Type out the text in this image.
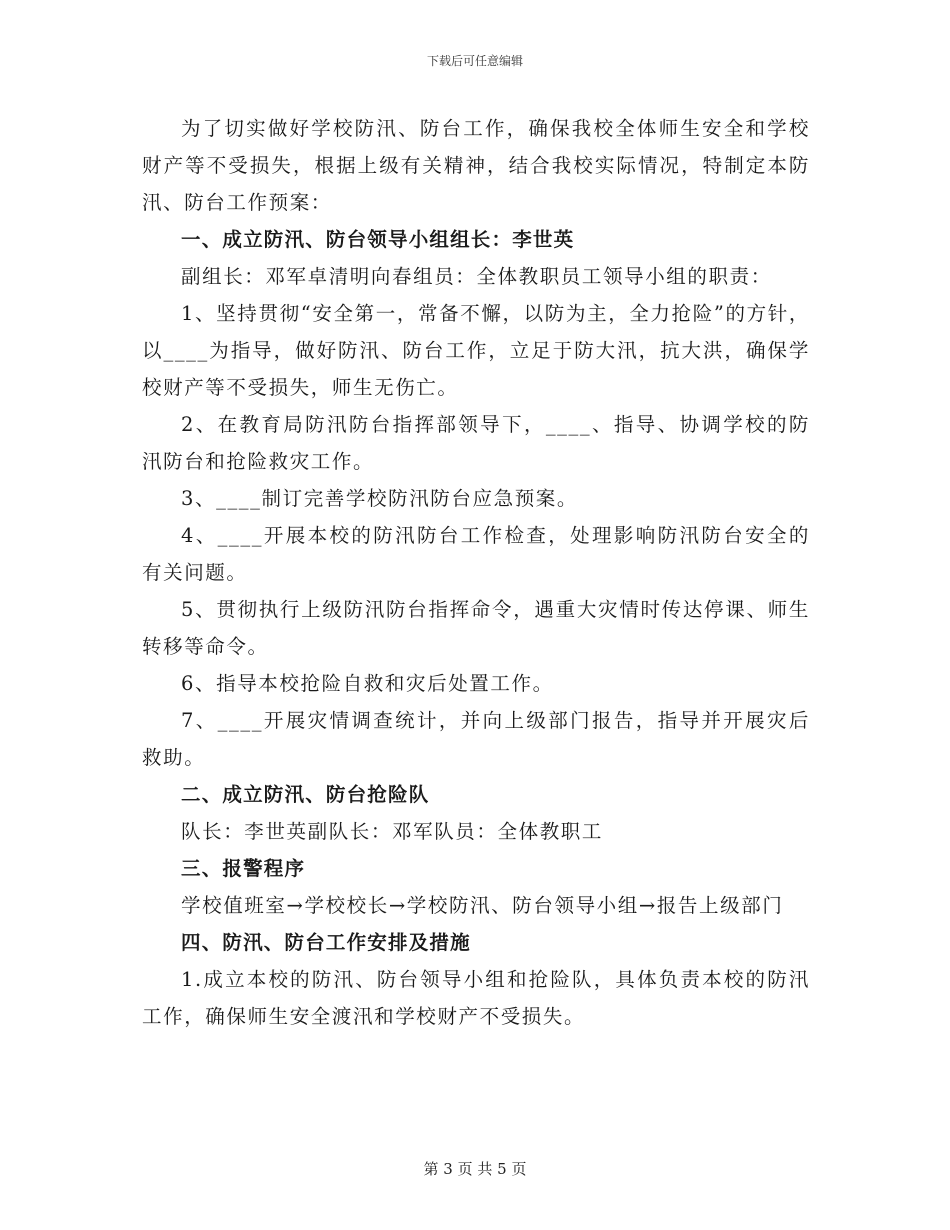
下载后可任意编辑

为了切实做好学校防汛、防台工作，确保我校全体师生安全和学校财产等不受损失，根据上级有关精神，结合我校实际情况，特制定本防汛、防台工作预案：

一、成立防汛、防台领导小组组长：李世英

副组长：邓军卓清明向春组员：全体教职员工领导小组的职责：

1、坚持贯彻“安全第一，常备不懈，以防为主，全力抢险”的方针，以____为指导，做好防汛、防台工作，立足于防大汛，抗大洪，确保学校财产等不受损失，师生无伤亡。

2、在教育局防汛防台指挥部领导下，____、指导、协调学校的防汛防台和抢险救灾工作。

3、____制订完善学校防汛防台应急预案。

4、____开展本校的防汛防台工作检查，处理影响防汛防台安全的有关问题。

5、贯彻执行上级防汛防台指挥命令，遇重大灾情时传达停课、师生转移等命令。

6、指导本校抢险自救和灾后处置工作。

7、____开展灾情调查统计，并向上级部门报告，指导并开展灾后救助。

二、成立防汛、防台抢险队

队长：李世英副队长：邓军队员：全体教职工

三、报警程序

学校值班室→学校校长→学校防汛、防台领导小组→报告上级部门

四、防汛、防台工作安排及措施

1.成立本校的防汛、防台领导小组和抢险队，具体负责本校的防汛工作，确保师生安全渡汛和学校财产不受损失。

第 3 页 共 5 页
